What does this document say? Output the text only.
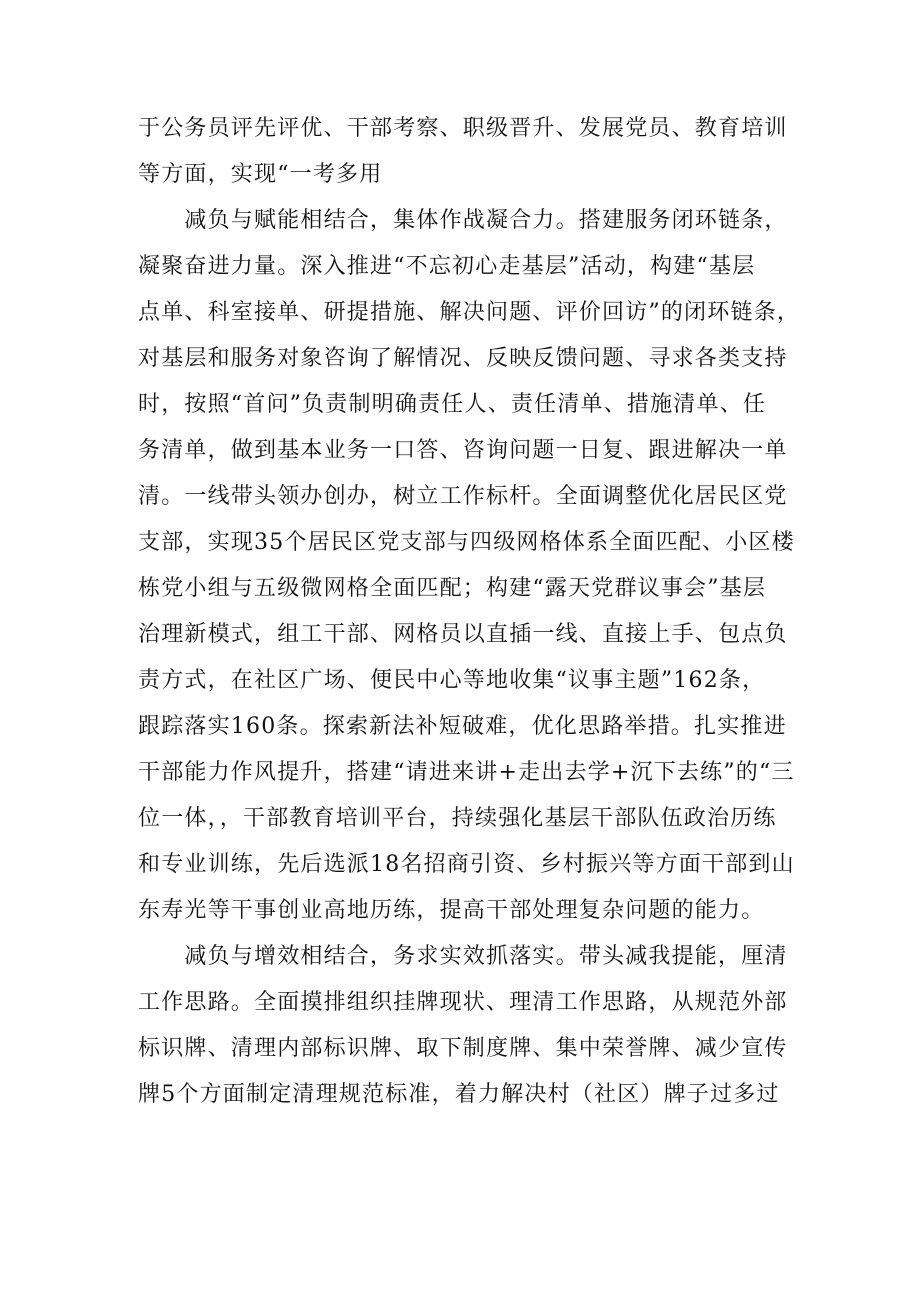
于公务员评先评优、干部考察、职级晋升、发展党员、教育培训
等方面，实现“一考多用
　　减负与赋能相结合，集体作战凝合力。搭建服务闭环链条，
凝聚奋进力量。深入推进“不忘初心走基层”活动，构建“基层
点单、科室接单、研提措施、解决问题、评价回访”的闭环链条，
对基层和服务对象咨询了解情况、反映反馈问题、寻求各类支持
时，按照“首问”负责制明确责任人、责任清单、措施清单、任
务清单，做到基本业务一口答、咨询问题一日复、跟进解决一单
清。一线带头领办创办，树立工作标杆。全面调整优化居民区党
支部，实现35个居民区党支部与四级网格体系全面匹配、小区楼
栋党小组与五级微网格全面匹配；构建“露天党群议事会”基层
治理新模式，组工干部、网格员以直插一线、直接上手、包点负
责方式，在社区广场、便民中心等地收集“议事主题”162条，
跟踪落实160条。探索新法补短破难，优化思路举措。扎实推进
干部能力作风提升，搭建“请进来讲+走出去学+沉下去练”的“三
位一体，，干部教育培训平台，持续强化基层干部队伍政治历练
和专业训练，先后选派18名招商引资、乡村振兴等方面干部到山
东寿光等干事创业高地历练，提高干部处理复杂问题的能力。
　　减负与增效相结合，务求实效抓落实。带头减我提能，厘清
工作思路。全面摸排组织挂牌现状、理清工作思路，从规范外部
标识牌、清理内部标识牌、取下制度牌、集中荣誉牌、减少宣传
牌5个方面制定清理规范标准，着力解决村（社区）牌子过多过
